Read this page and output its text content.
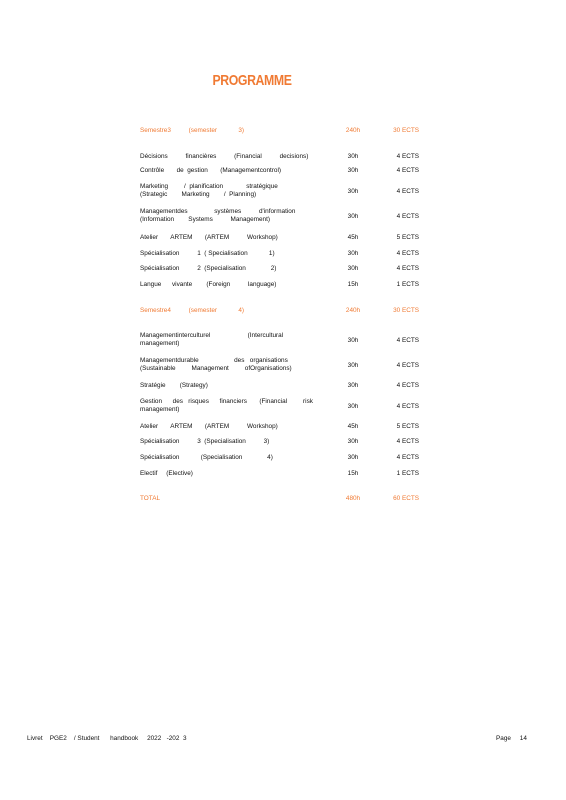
PROGRAMME
Semestre3          (semester            3)	240h	30 ECTS
Décisions          financières          (Financial          decisions)	30h	4 ECTS
Contrôle       de  gestion       (Managementcontrol)	30h	4 ECTS
Marketing         /  planification             stratégique
(Strategic        Marketing        /  Planning)	30h	4 ECTS
Managementdes               systèmes          d'information
(Information        Systems          Management)	30h	4 ECTS
Atelier       ARTEM       (ARTEM          Workshop)	45h	5 ECTS
Spécialisation          1  ( Specialisation            1)	30h	4 ECTS
Spécialisation          2  (Specialisation              2)	30h	4 ECTS
Langue      vivante        (Foreign          language)	15h	1 ECTS
Semestre4          (semester            4)	240h	30 ECTS
Managementinterculturel                     (Intercultural
management)	30h	4 ECTS
Managementdurable                    des   organisations
(Sustainable         Management         ofOrganisations)	30h	4 ECTS
Stratégie        (Strategy)	30h	4 ECTS
Gestion      des   risques      financiers       (Financial         risk
management)	30h	4 ECTS
Atelier       ARTEM       (ARTEM          Workshop)	45h	5 ECTS
Spécialisation          3  (Specialisation          3)	30h	4 ECTS
Spécialisation            (Specialisation              4)	30h	4 ECTS
Electif     (Elective)	15h	1 ECTS
TOTAL	480h	60 ECTS
Livret    PGE2    / Student      handbook     2022   -202  3	Page     14
